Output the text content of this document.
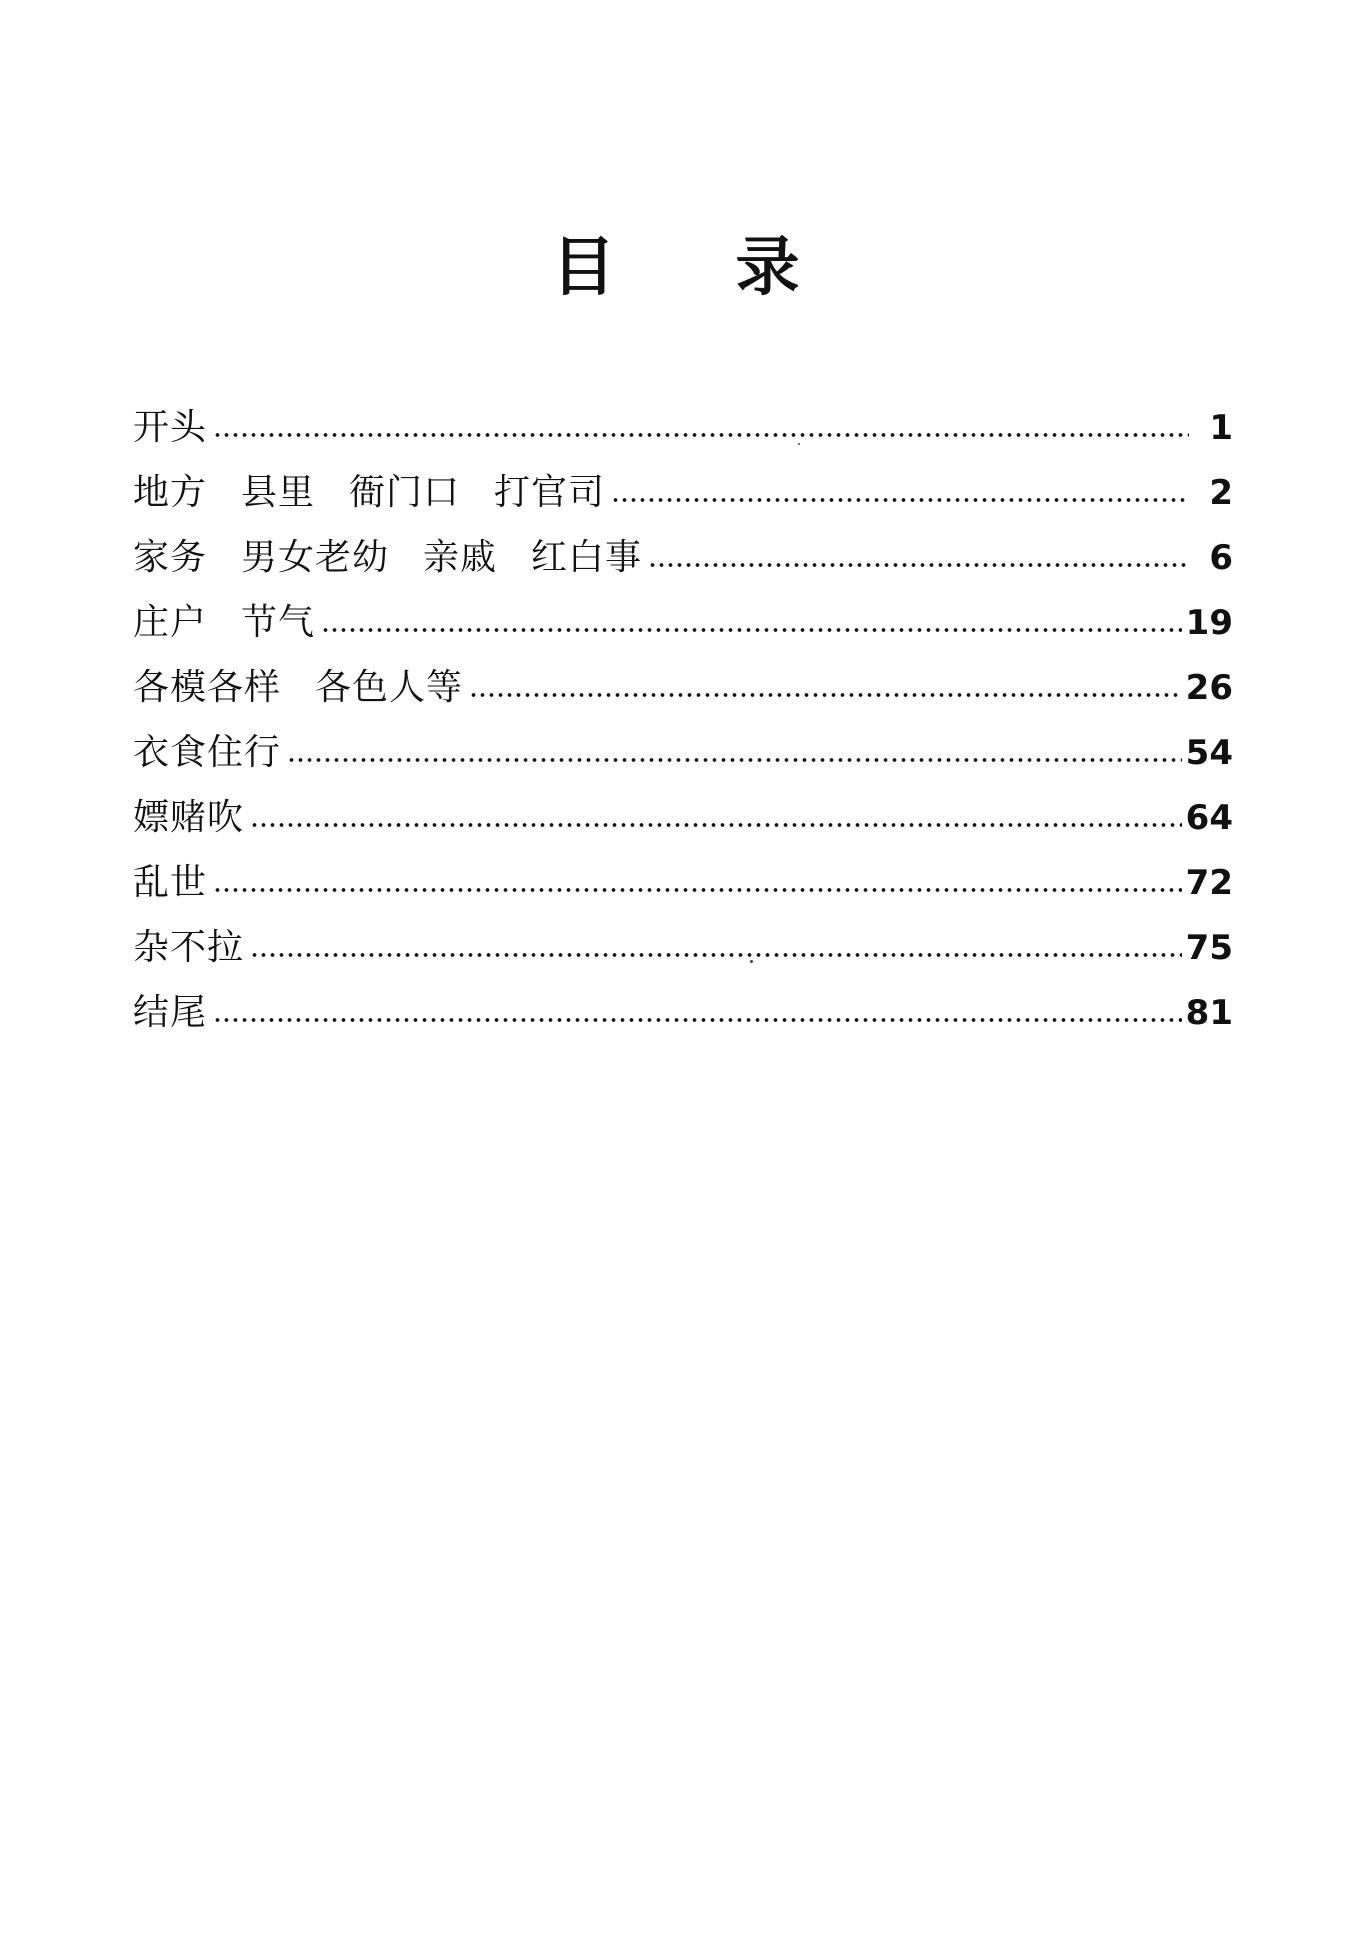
目 录
开头	1
地方 县里 衙门口 打官司	2
家务 男女老幼 亲戚 红白事	6
庄户 节气	19
各模各样 各色人等	26
衣食住行	54
嫖赌吹	64
乱世	72
杂不拉	75
结尾	81
